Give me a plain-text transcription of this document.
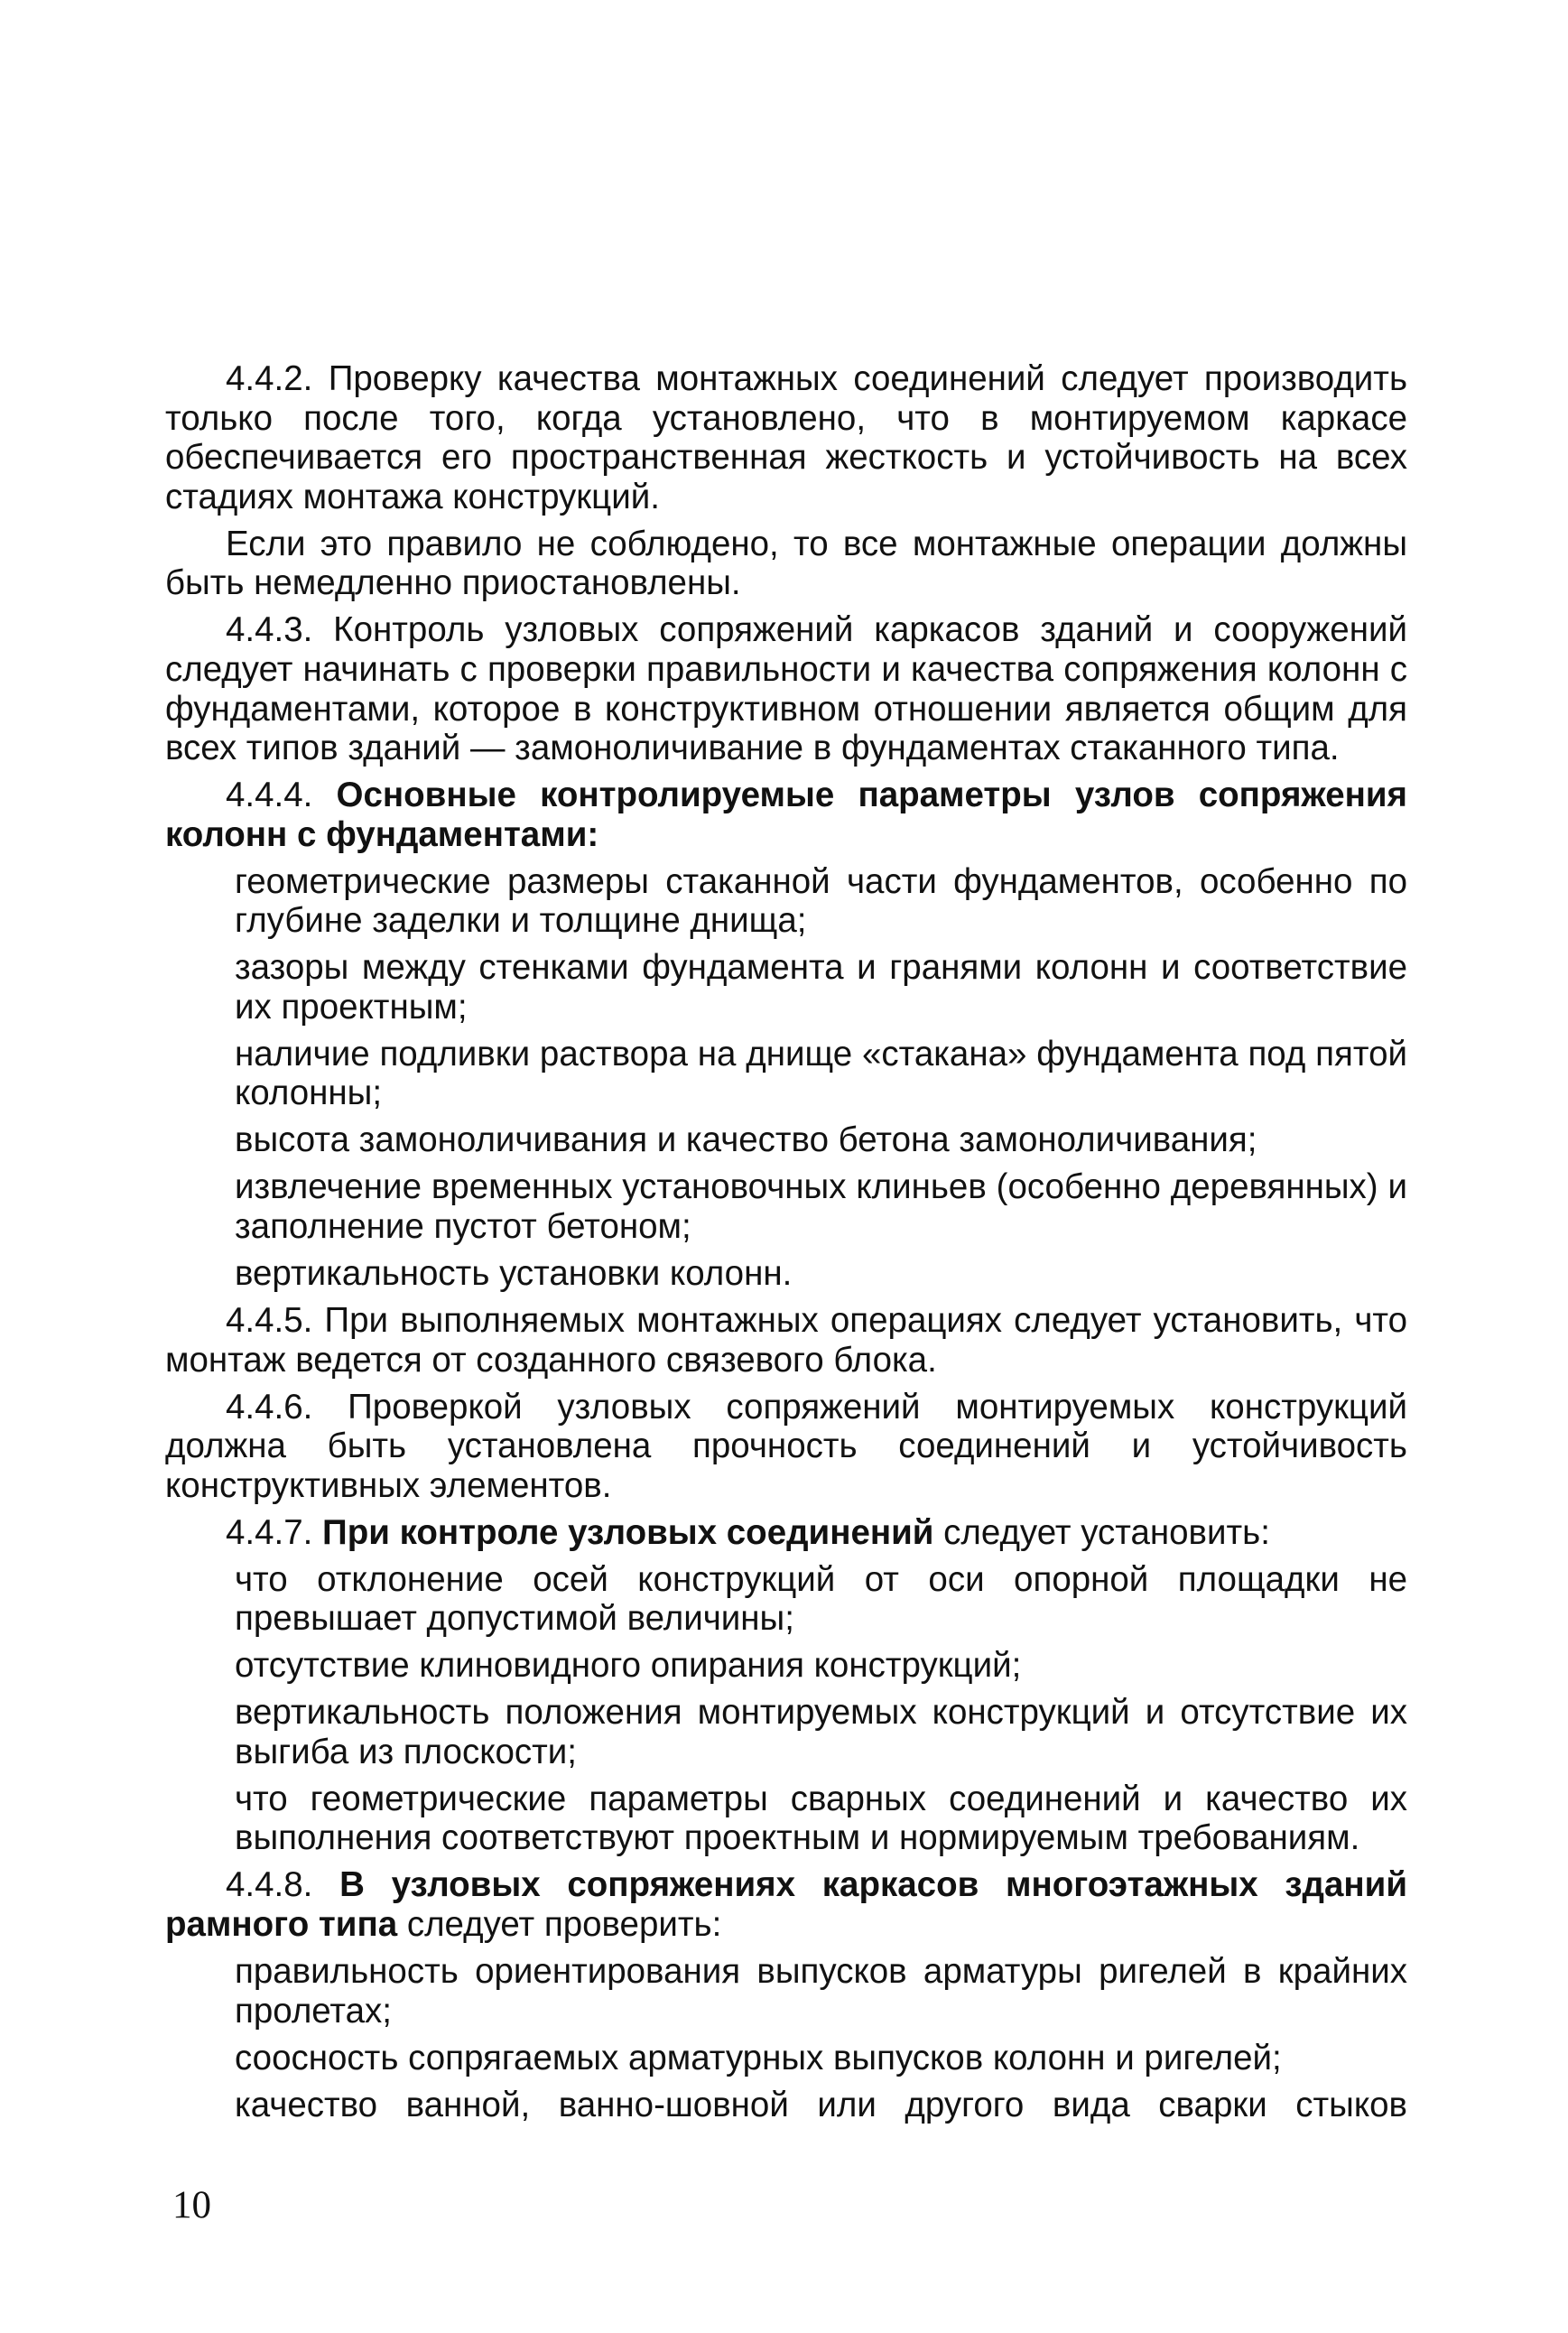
4.4.2. Проверку качества монтажных соединений следует производить только после того, когда установлено, что в монтируемом каркасе обеспечивается его пространственная жесткость и устойчивость на всех стадиях монтажа конструкций.

Если это правило не соблюдено, то все монтажные операции должны быть немедленно приостановлены.

4.4.3. Контроль узловых сопряжений каркасов зданий и сооружений следует начинать с проверки правильности и качества сопряжения колонн с фундаментами, которое в конструктивном отношении является общим для всех типов зданий — замоноличивание в фундаментах стаканного типа.

4.4.4. Основные контролируемые параметры узлов сопряжения колонн с фундаментами:

геометрические размеры стаканной части фундаментов, особенно по глубине заделки и толщине днища;

зазоры между стенками фундамента и гранями колонн и соответствие их проектным;

наличие подливки раствора на днище «стакана» фундамента под пятой колонны;

высота замоноличивания и качество бетона замоноличивания;

извлечение временных установочных клиньев (особенно деревянных) и заполнение пустот бетоном;

вертикальность установки колонн.

4.4.5. При выполняемых монтажных операциях следует установить, что монтаж ведется от созданного связевого блока.

4.4.6. Проверкой узловых сопряжений монтируемых конструкций должна быть установлена прочность соединений и устойчивость конструктивных элементов.

4.4.7. При контроле узловых соединений следует установить:

что отклонение осей конструкций от оси опорной площадки не превышает допустимой величины;

отсутствие клиновидного опирания конструкций;

вертикальность положения монтируемых конструкций и отсутствие их выгиба из плоскости;

что геометрические параметры сварных соединений и качество их выполнения соответствуют проектным и нормируемым требованиям.

4.4.8. В узловых сопряжениях каркасов многоэтажных зданий рамного типа следует проверить:

правильность ориентирования выпусков арматуры ригелей в крайних пролетах;

соосность сопрягаемых арматурных выпусков колонн и ригелей;

качество ванной, ванно-шовной или другого вида сварки стыков

10
